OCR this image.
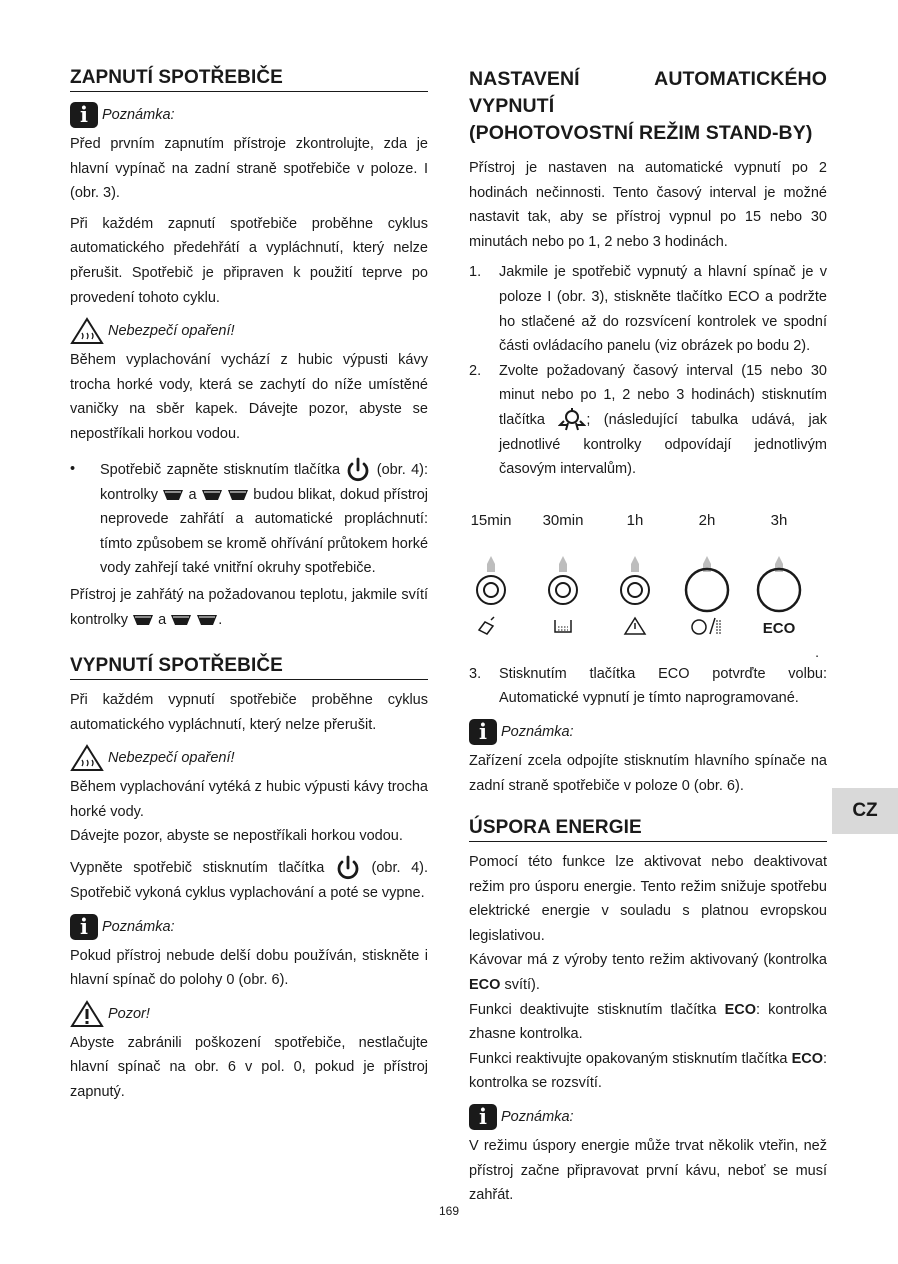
ZAPNUTÍ SPOTŘEBIČE
i Poznámka:

Před prvním zapnutím přístroje zkontrolujte, zda je hlavní vypínač na zadní straně spotřebiče v poloze. I (obr. 3).

Při každém zapnutí spotřebiče proběhne cyklus automatického předehřátí a vypláchnutí, který nelze přerušit. Spotřebič je připraven k použití teprve po provedení tohoto cyklu.

Nebezpečí opaření!

Během vyplachování vychází z hubic výpusti kávy trocha horké vody, která se zachytí do níže umístěné vaničky na sběr kapek. Dávejte pozor, abyste se nepostříkali horkou vodou.

• Spotřebič zapněte stisknutím tlačítka	(obr. 4): kontrolky a	budou blikat, dokud přístroj neprovede zahřátí a automatické propláchnutí: tímto způsobem se kromě ohřívání průtokem horké vody zahřejí také vnitřní okruhy spotřebiče.

Přístroj je zahřátý na požadovanou teplotu, jakmile svítí kontrolky a	.

VYPNUTÍ SPOTŘEBIČE

Při každém vypnutí spotřebiče proběhne cyklus automatického vypláchnutí, který nelze přerušit.

Nebezpečí opaření!

Během vyplachování vytéká z hubic výpusti kávy trocha horké vody.

Dávejte pozor, abyste se nepostříkali horkou vodou.

Vypněte spotřebič stisknutím tlačítka	(obr. 4). Spotřebič vykoná cyklus vyplachování a poté se vypne.

i Poznámka:

Pokud přístroj nebude delší dobu používán, stiskněte i hlavní spínač do polohy 0 (obr. 6).

Pozor!

Abyste zabránili poškození spotřebiče, nestlačujte hlavní spínač na obr. 6 v pol. 0, pokud je přístroj zapnutý.

NASTAVENÍ AUTOMATICKÉHO VYPNUTÍ
(POHOTOVOSTNÍ REŽIM STAND-BY)

Přístroj je nastaven na automatické vypnutí po 2 hodinách nečinnosti. Tento časový interval je možné nastavit tak, aby se přístroj vypnul po 15 nebo 30 minutách nebo po 1, 2 nebo 3 hodinách.

1. Jakmile je spotřebič vypnutý a hlavní spínač je v poloze I (obr. 3), stiskněte tlačítko ECO a podržte ho stlačené až do rozsvícení kontrolek ve spodní části ovládacího panelu (viz obrázek po bodu 2).
2. Zvolte požadovaný časový interval (15 nebo 30 minut nebo po 1, 2 nebo 3 hodinách) stisknutím tlačítka	; (následující tabulka udává, jak jednotlivé kontrolky odpovídají jednotlivým časovým intervalům).
15min	30min	1h	2h	3h
ECO
.
3. Stisknutím tlačítka ECO potvrďte volbu: Automatické vypnutí je tímto naprogramované.
i Poznámka:

Zařízení zcela odpojíte stisknutím hlavního spínače na zadní straně spotřebiče v poloze 0 (obr. 6).

ÚSPORA ENERGIE

Pomocí této funkce lze aktivovat nebo deaktivovat režim pro úsporu energie. Tento režim snižuje spotřebu elektrické energie v souladu s platnou evropskou legislativou.

Kávovar má z výroby tento režim aktivovaný (kontrolka ECO svítí).

Funkci deaktivujte stisknutím tlačítka ECO: kontrolka zhasne kontrolka.

Funkci reaktivujte opakovaným stisknutím tlačítka ECO: kontrolka se rozsvítí.

i Poznámka:

V režimu úspory energie může trvat několik vteřin, než přístroj začne připravovat první kávu, neboť se musí zahřát.

CZ
169
